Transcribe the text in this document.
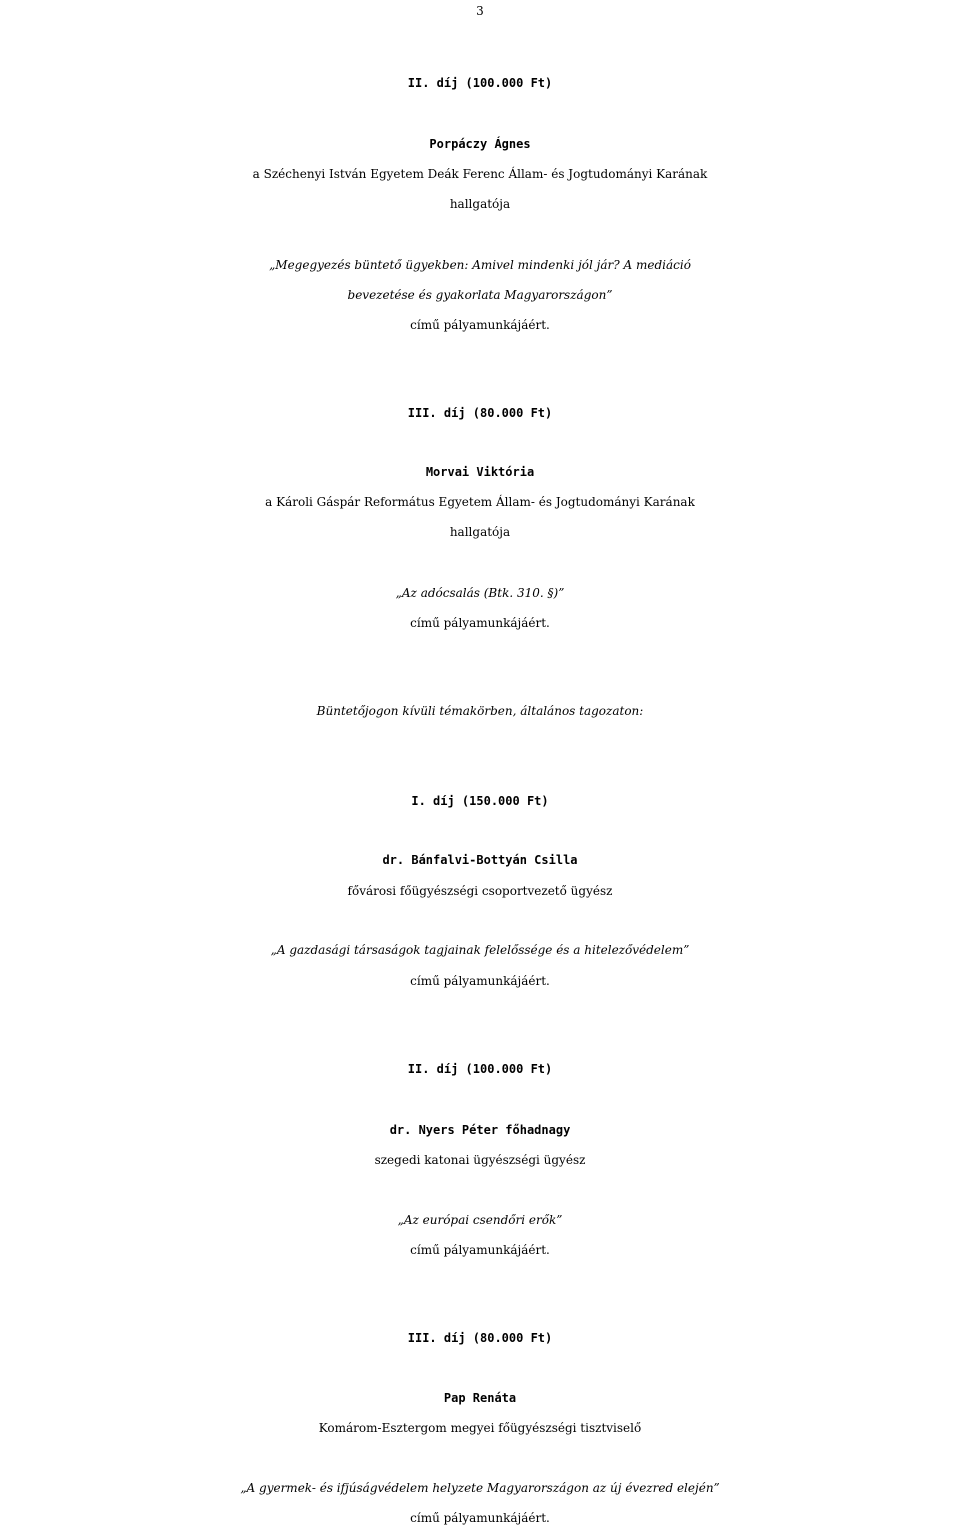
3
II. díj (100.000 Ft)
Porpáczy Ágnes
a Széchenyi István Egyetem Deák Ferenc Állam- és Jogtudományi Karának
hallgatója
„Megegyezés büntető ügyekben: Amivel mindenki jól jár? A mediáció
bevezetése és gyakorlata Magyarországon”
című pályamunkájáért.
III. díj (80.000 Ft)
Morvai Viktória
a Károli Gáspár Református Egyetem Állam- és Jogtudományi Karának
hallgatója
„Az adócsalás (Btk. 310. §)”
című pályamunkájáért.
Büntetőjogon kívüli témakörben, általános tagozaton:
I. díj (150.000 Ft)
dr. Bánfalvi-Bottyán Csilla
fővárosi főügyészségi csoportvezető ügyész
„A gazdasági társaságok tagjainak felelőssége és a hitelezővédelem”
című pályamunkájáért.
II. díj (100.000 Ft)
dr. Nyers Péter főhadnagy
szegedi katonai ügyészségi ügyész
„Az európai csendőri erők”
című pályamunkájáért.
III. díj (80.000 Ft)
Pap Renáta
Komárom-Esztergom megyei főügyészségi tisztviselő
„A gyermek- és ifjúságvédelem helyzete Magyarországon az új évezred elején”
című pályamunkájáért.
